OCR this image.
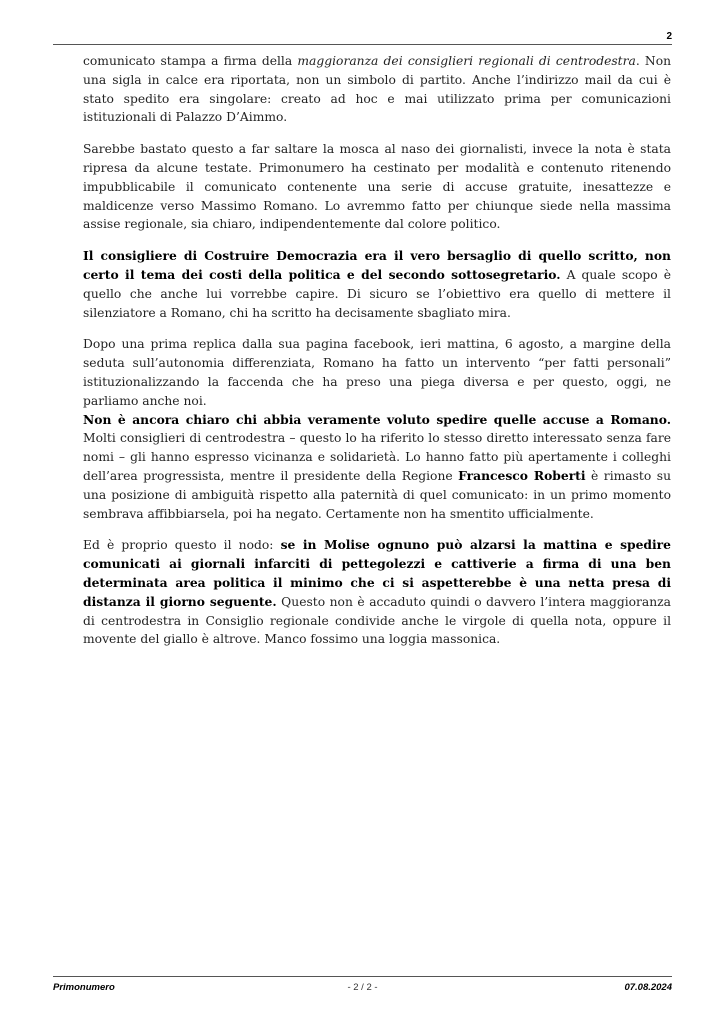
2

comunicato stampa a firma della maggioranza dei consiglieri regionali di centrodestra. Non una sigla in calce era riportata, non un simbolo di partito. Anche l’indirizzo mail da cui è stato spedito era singolare: creato ad hoc e mai utilizzato prima per comunicazioni istituzionali di Palazzo D’Aimmo.

Sarebbe bastato questo a far saltare la mosca al naso dei giornalisti, invece la nota è stata ripresa da alcune testate. Primonumero ha cestinato per modalità e contenuto ritenendo impubblicabile il comunicato contenente una serie di accuse gratuite, inesattezze e maldicenze verso Massimo Romano. Lo avremmo fatto per chiunque siede nella massima assise regionale, sia chiaro, indipendentemente dal colore politico.

Il consigliere di Costruire Democrazia era il vero bersaglio di quello scritto, non certo il tema dei costi della politica e del secondo sottosegretario. A quale scopo è quello che anche lui vorrebbe capire. Di sicuro se l’obiettivo era quello di mettere il silenziatore a Romano, chi ha scritto ha decisamente sbagliato mira.

Dopo una prima replica dalla sua pagina facebook, ieri mattina, 6 agosto, a margine della seduta sull’autonomia differenziata, Romano ha fatto un intervento “per fatti personali” istituzionalizzando la faccenda che ha preso una piega diversa e per questo, oggi, ne parliamo anche noi.

Non è ancora chiaro chi abbia veramente voluto spedire quelle accuse a Romano. Molti consiglieri di centrodestra – questo lo ha riferito lo stesso diretto interessato senza fare nomi – gli hanno espresso vicinanza e solidarietà. Lo hanno fatto più apertamente i colleghi dell’area progressista, mentre il presidente della Regione Francesco Roberti è rimasto su una posizione di ambiguità rispetto alla paternità di quel comunicato: in un primo momento sembrava affibbiarsela, poi ha negato. Certamente non ha smentito ufficialmente.

Ed è proprio questo il nodo: se in Molise ognuno può alzarsi la mattina e spedire comunicati ai giornali infarciti di pettegolezzi e cattiverie a firma di una ben determinata area politica il minimo che ci si aspetterebbe è una netta presa di distanza il giorno seguente. Questo non è accaduto quindi o davvero l’intera maggioranza di centrodestra in Consiglio regionale condivide anche le virgole di quella nota, oppure il movente del giallo è altrove. Manco fossimo una loggia massonica.

Primonumero	- 2 / 2 -	07.08.2024
